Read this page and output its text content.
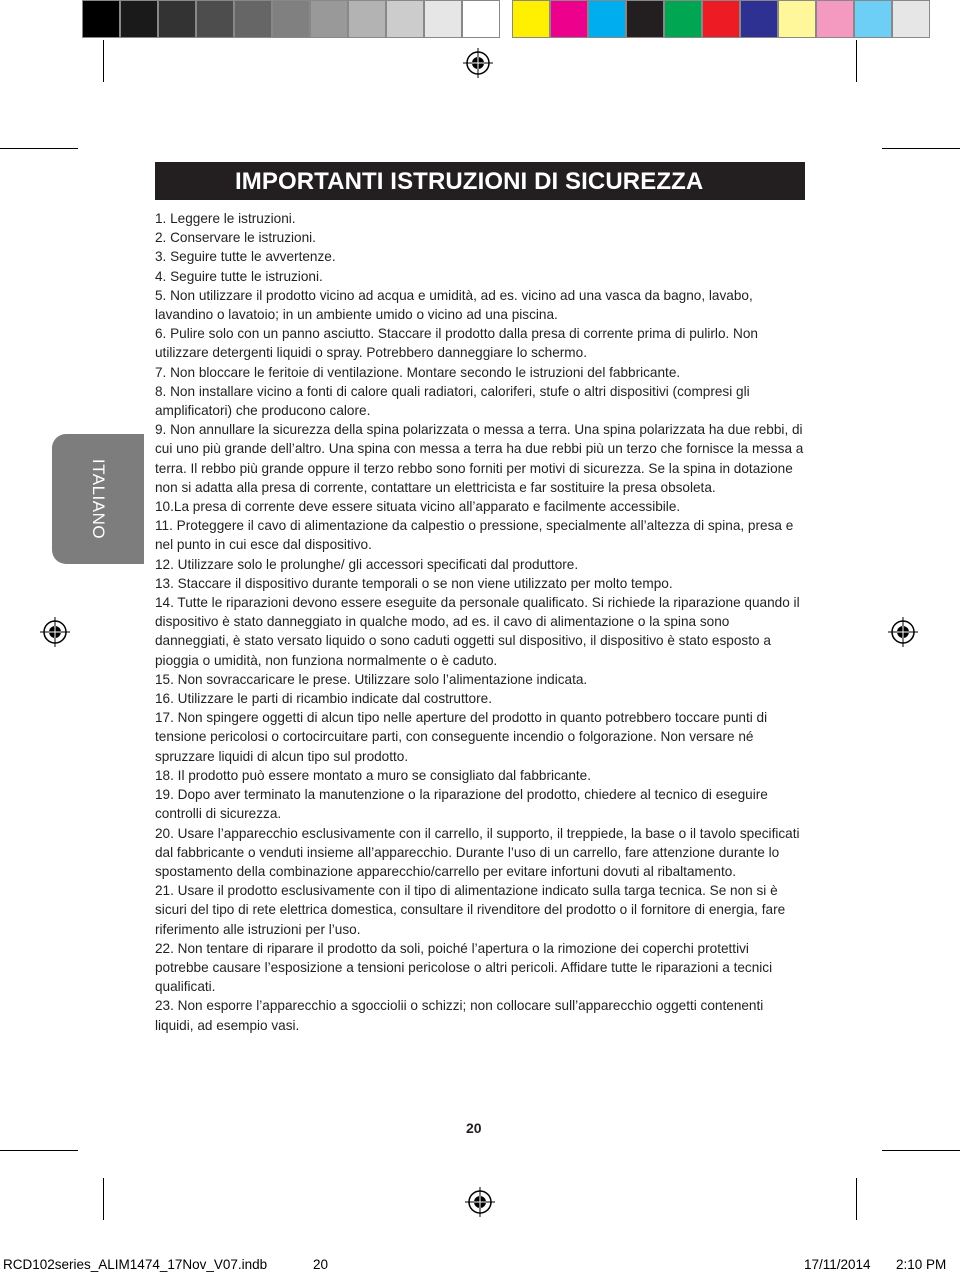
IMPORTANTI ISTRUZIONI DI SICUREZZA
ITALIANO

1. Leggere le istruzioni.

2. Conservare le istruzioni.

3. Seguire tutte le avvertenze.

4. Seguire tutte le istruzioni.

5. Non utilizzare il prodotto vicino ad acqua e umidità, ad es. vicino ad una vasca da bagno, lavabo, lavandino o lavatoio; in un ambiente umido o vicino ad una piscina.

6. Pulire solo con un panno asciutto. Staccare il prodotto dalla presa di corrente prima di pulirlo. Non utilizzare detergenti liquidi o spray. Potrebbero danneggiare lo schermo.

7. Non bloccare le feritoie di ventilazione. Montare secondo le istruzioni del fabbricante.

8. Non installare vicino a fonti di calore quali radiatori, caloriferi, stufe o altri dispositivi (compresi gli amplificatori) che producono calore.

9. Non annullare la sicurezza della spina polarizzata o messa a terra. Una spina polarizzata ha due rebbi, di cui uno più grande dell’altro. Una spina con messa a terra ha due rebbi più un terzo che fornisce la messa a terra. Il rebbo più grande oppure il terzo rebbo sono forniti per motivi di sicurezza. Se la spina in dotazione non si adatta alla presa di corrente, contattare un elettricista e far sostituire la presa obsoleta.

10.La presa di corrente deve essere situata vicino all’apparato e facilmente accessibile.

11. Proteggere il cavo di alimentazione da calpestio o pressione, specialmente all’altezza di spina, presa e nel punto in cui esce dal dispositivo.

12. Utilizzare solo le prolunghe/ gli accessori specificati dal produttore.

13. Staccare il dispositivo durante temporali o se non viene utilizzato per molto tempo.

14. Tutte le riparazioni devono essere eseguite da personale qualificato. Si richiede la riparazione quando il dispositivo è stato danneggiato in qualche modo, ad es. il cavo di alimentazione o la spina sono danneggiati, è stato versato liquido o sono caduti oggetti sul dispositivo, il dispositivo è stato esposto a pioggia o umidità, non funziona normalmente o è caduto.

15. Non sovraccaricare le prese. Utilizzare solo l’alimentazione indicata.

16. Utilizzare le parti di ricambio indicate dal costruttore.

17. Non spingere oggetti di alcun tipo nelle aperture del prodotto in quanto potrebbero toccare punti di tensione pericolosi o cortocircuitare parti, con conseguente incendio o folgorazione. Non versare né spruzzare liquidi di alcun tipo sul prodotto.

18. Il prodotto può essere montato a muro se consigliato dal fabbricante.

19. Dopo aver terminato la manutenzione o la riparazione del prodotto, chiedere al tecnico di eseguire controlli di sicurezza.

20. Usare l’apparecchio esclusivamente con il carrello, il supporto, il treppiede, la base o il tavolo specificati dal fabbricante o venduti insieme all’apparecchio. Durante l’uso di un carrello, fare attenzione durante lo spostamento della combinazione apparecchio/carrello per evitare infortuni dovuti al ribaltamento.

21. Usare il prodotto esclusivamente con il tipo di alimentazione indicato sulla targa tecnica. Se non si è sicuri del tipo di rete elettrica domestica, consultare il rivenditore del prodotto o il fornitore di energia, fare riferimento alle istruzioni per l’uso.

22. Non tentare di riparare il prodotto da soli, poiché l’apertura o la rimozione dei coperchi protettivi potrebbe causare l’esposizione a tensioni pericolose o altri pericoli. Affidare tutte le riparazioni a tecnici qualificati.

23. Non esporre l’apparecchio a sgocciolii o schizzi; non collocare sull’apparecchio oggetti contenenti liquidi, ad esempio vasi.

20
RCD102series_ALIM1474_17Nov_V07.indb	20	17/11/2014 2:10 PM
